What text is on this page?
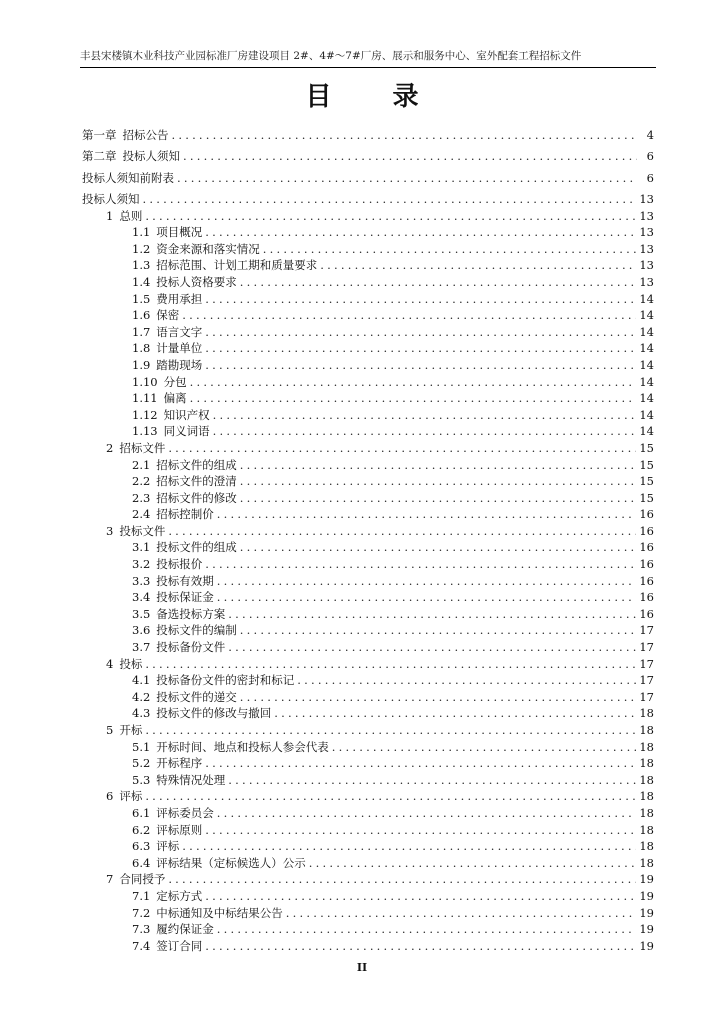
丰县宋楼镇木业科技产业园标准厂房建设项目 2#、4#～7#厂房、展示和服务中心、室外配套工程招标文件
目 录
第一章 招标公告 .....	4
第二章 投标人须知 .....	6
投标人须知前附表 .....	6
投标人须知 .....	13
1 总则 .....	13
1.1 项目概况 .....	13
1.2 资金来源和落实情况 .....	13
1.3 招标范围、计划工期和质量要求 .....	13
1.4 投标人资格要求 .....	13
1.5 费用承担 .....	14
1.6 保密 .....	14
1.7 语言文字 .....	14
1.8 计量单位 .....	14
1.9 踏勘现场 .....	14
1.10 分包 .....	14
1.11 偏离 .....	14
1.12 知识产权 .....	14
1.13 同义词语 .....	14
2 招标文件 .....	15
2.1 招标文件的组成 .....	15
2.2 招标文件的澄清 .....	15
2.3 招标文件的修改 .....	15
2.4 招标控制价 .....	16
3 投标文件 .....	16
3.1 投标文件的组成 .....	16
3.2 投标报价 .....	16
3.3 投标有效期 .....	16
3.4 投标保证金 .....	16
3.5 备选投标方案 .....	16
3.6 投标文件的编制 .....	17
3.7 投标备份文件 .....	17
4 投标 .....	17
4.1 投标备份文件的密封和标记 .....	17
4.2 投标文件的递交 .....	17
4.3 投标文件的修改与撤回 .....	18
5 开标 .....	18
5.1 开标时间、地点和投标人参会代表 .....	18
5.2 开标程序 .....	18
5.3 特殊情况处理 .....	18
6 评标 .....	18
6.1 评标委员会 .....	18
6.2 评标原则 .....	18
6.3 评标 .....	18
6.4 评标结果（定标候选人）公示 .....	18
7 合同授予 .....	19
7.1 定标方式 .....	19
7.2 中标通知及中标结果公告 .....	19
7.3 履约保证金 .....	19
7.4 签订合同 .....	19
II
